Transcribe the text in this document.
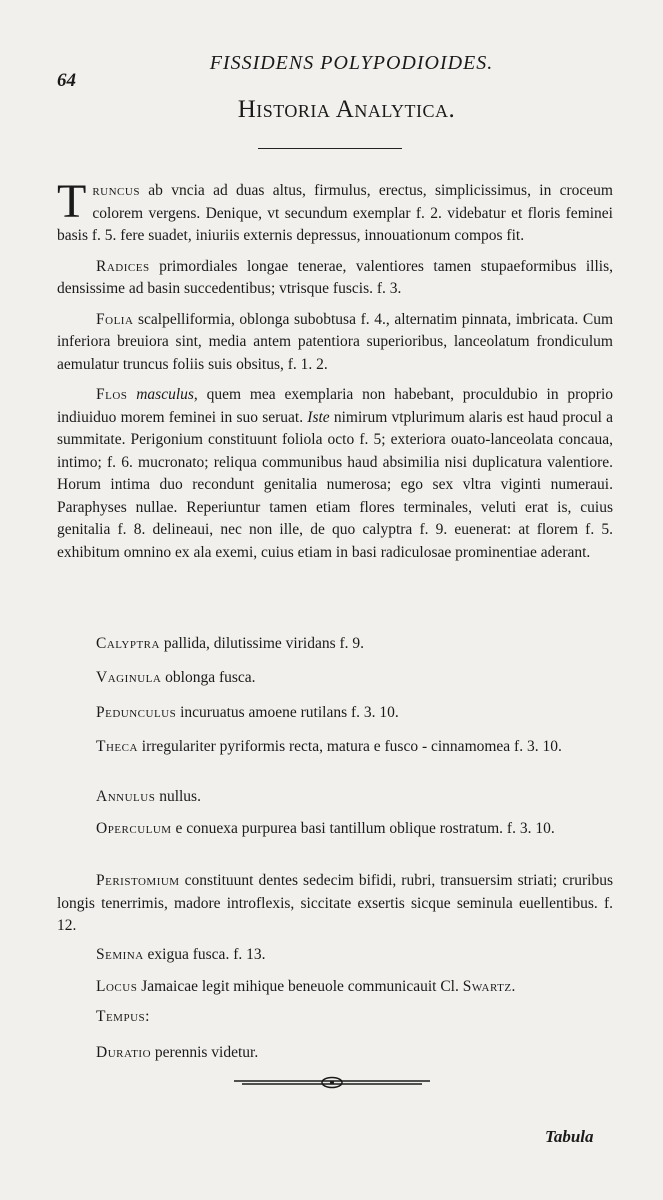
64
FISSIDENS POLYPODIOIDES.
Historia Analytica.

Truncus ab vncia ad duas altus, firmulus, erectus, simplicissimus, in croceum colorem vergens. Denique, vt secundum exemplar f. 2. videbatur et floris feminei basis f. 5. fere suadet, iniuriis externis depressus, innouationum compos fit.

Radices primordiales longae tenerae, valentiores tamen stupaeformibus illis, densissime ad basin succedentibus; vtrisque fuscis. f. 3.

Folia scalpelliformia, oblonga subobtusa f. 4., alternatim pinnata, imbricata. Cum inferiora breuiora sint, media antem patentiora superioribus, lanceolatum frondiculum aemulatur truncus foliis suis obsitus, f. 1. 2.

Flos masculus, quem mea exemplaria non habebant, proculdubio in proprio indiuiduo morem feminei in suo seruat. Iste nimirum vtplurimum alaris est haud procul a summitate. Perigonium constituunt foliola octo f. 5; exteriora ouato-lanceolata concaua, intimo; f. 6. mucronato; reliqua communibus haud absimilia nisi duplicatura valentiore. Horum intima duo recondunt genitalia numerosa; ego sex vltra viginti numeraui. Paraphyses nullae. Reperiuntur tamen etiam flores terminales, veluti erat is, cuius genitalia f. 8. delineaui, nec non ille, de quo calyptra f. 9. euenerat: at florem f. 5. exhibitum omnino ex ala exemi, cuius etiam in basi radiculosae prominentiae aderant.

Calyptra pallida, dilutissime viridans f. 9.

Vaginula oblonga fusca.

Pedunculus incuruatus amoene rutilans f. 3. 10.

Theca irregulariter pyriformis recta, matura e fusco - cinnamomea f. 3. 10.

Annulus nullus.

Operculum e conuexa purpurea basi tantillum oblique rostratum. f. 3. 10.

Peristomium constituunt dentes sedecim bifidi, rubri, transuersim striati; cruribus longis tenerrimis, madore introflexis, siccitate exsertis sicque seminula euellentibus. f. 12.

Semina exigua fusca. f. 13.

Locus Jamaicae legit mihique beneuole communicauit Cl. Swartz.

Tempus:

Duratio perennis videtur.

Tabula
